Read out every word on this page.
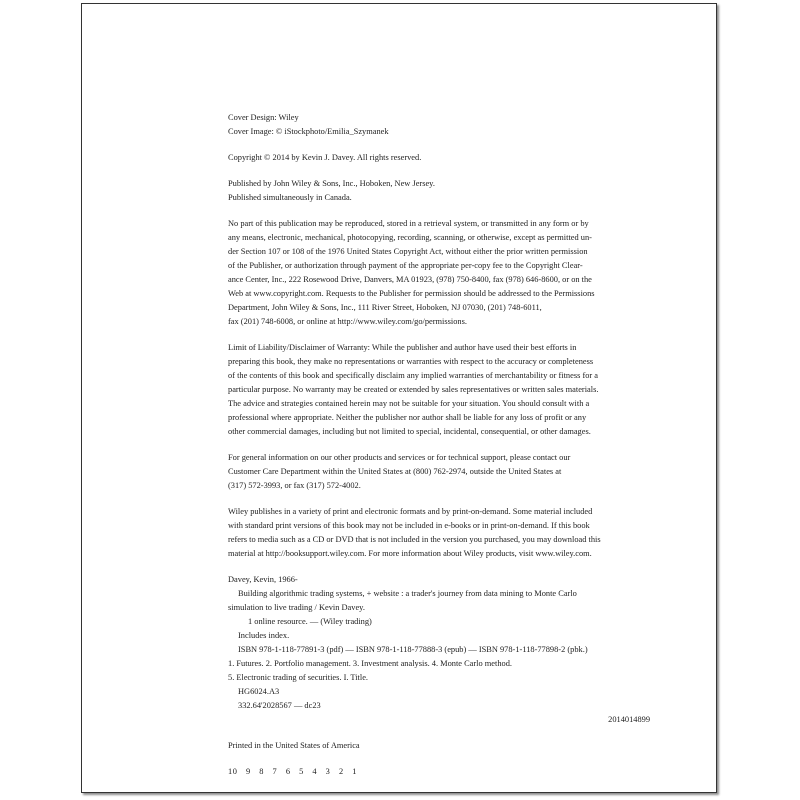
Cover Design: Wiley
Cover Image: © iStockphoto/Emilia_Szymanek
Copyright © 2014 by Kevin J. Davey. All rights reserved.
Published by John Wiley & Sons, Inc., Hoboken, New Jersey.
Published simultaneously in Canada.
No part of this publication may be reproduced, stored in a retrieval system, or transmitted in any form or by
any means, electronic, mechanical, photocopying, recording, scanning, or otherwise, except as permitted un-
der Section 107 or 108 of the 1976 United States Copyright Act, without either the prior written permission
of the Publisher, or authorization through payment of the appropriate per-copy fee to the Copyright Clear-
ance Center, Inc., 222 Rosewood Drive, Danvers, MA 01923, (978) 750-8400, fax (978) 646-8600, or on the
Web at www.copyright.com. Requests to the Publisher for permission should be addressed to the Permissions
Department, John Wiley & Sons, Inc., 111 River Street, Hoboken, NJ 07030, (201) 748-6011,
fax (201) 748-6008, or online at http://www.wiley.com/go/permissions.
Limit of Liability/Disclaimer of Warranty: While the publisher and author have used their best efforts in
preparing this book, they make no representations or warranties with respect to the accuracy or completeness
of the contents of this book and specifically disclaim any implied warranties of merchantability or fitness for a
particular purpose. No warranty may be created or extended by sales representatives or written sales materials.
The advice and strategies contained herein may not be suitable for your situation. You should consult with a
professional where appropriate. Neither the publisher nor author shall be liable for any loss of profit or any
other commercial damages, including but not limited to special, incidental, consequential, or other damages.
For general information on our other products and services or for technical support, please contact our
Customer Care Department within the United States at (800) 762-2974, outside the United States at
(317) 572-3993, or fax (317) 572-4002.
Wiley publishes in a variety of print and electronic formats and by print-on-demand. Some material included
with standard print versions of this book may not be included in e-books or in print-on-demand. If this book
refers to media such as a CD or DVD that is not included in the version you purchased, you may download this
material at http://booksupport.wiley.com. For more information about Wiley products, visit www.wiley.com.
Davey, Kevin, 1966-
Building algorithmic trading systems, + website : a trader's journey from data mining to Monte Carlo
simulation to live trading / Kevin Davey.
1 online resource. — (Wiley trading)
Includes index.
ISBN 978-1-118-77891-3 (pdf) — ISBN 978-1-118-77888-3 (epub) — ISBN 978-1-118-77898-2 (pbk.)
1. Futures. 2. Portfolio management. 3. Investment analysis. 4. Monte Carlo method.
5. Electronic trading of securities. I. Title.
HG6024.A3
332.64'2028567 — dc23
2014014899
Printed in the United States of America
10 9 8 7 6 5 4 3 2 1
